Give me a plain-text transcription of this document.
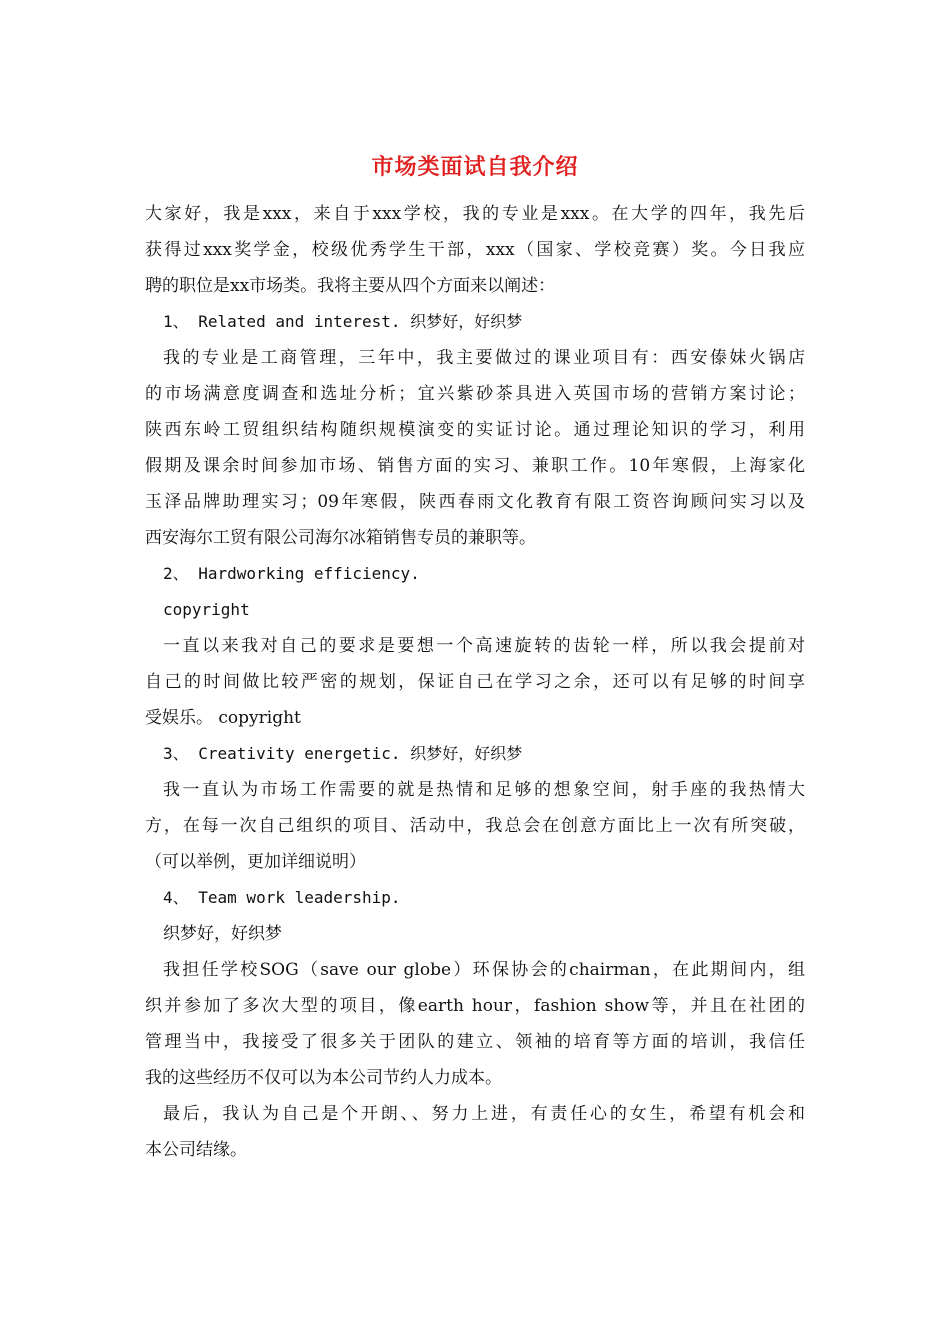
市场类面试自我介绍
大家好，我是xxx，来自于xxx学校，我的专业是xxx。在大学的四年，我先后
获得过xxx奖学金，校级优秀学生干部，xxx（国家、学校竞赛）奖。今日我应
聘的职位是xx市场类。我将主要从四个方面来以阐述：
1、 Related and interest. 织梦好，好织梦
我的专业是工商管理，三年中，我主要做过的课业项目有：西安傣妹火锅店
的市场满意度调查和选址分析；宜兴紫砂茶具进入英国市场的营销方案讨论；
陕西东岭工贸组织结构随织规模演变的实证讨论。通过理论知识的学习，利用
假期及课余时间参加市场、销售方面的实习、兼职工作。10年寒假，上海家化
玉泽品牌助理实习；09年寒假，陕西春雨文化教育有限工资咨询顾问实习以及
西安海尔工贸有限公司海尔冰箱销售专员的兼职等。
2、 Hardworking efficiency.
copyright
一直以来我对自己的要求是要想一个高速旋转的齿轮一样，所以我会提前对
自己的时间做比较严密的规划，保证自己在学习之余，还可以有足够的时间享
受娱乐。 copyright
3、 Creativity energetic. 织梦好，好织梦
我一直认为市场工作需要的就是热情和足够的想象空间，射手座的我热情大
方，在每一次自己组织的项目、活动中，我总会在创意方面比上一次有所突破，
（可以举例，更加详细说明）
4、 Team work leadership.
织梦好，好织梦
我担任学校SOG（save our globe）环保协会的chairman，在此期间内，组
织并参加了多次大型的项目，像earth hour，fashion show等，并且在社团的
管理当中，我接受了很多关于团队的建立、领袖的培育等方面的培训，我信任
我的这些经历不仅可以为本公司节约人力成本。
最后，我认为自己是个开朗、、努力上进，有责任心的女生，希望有机会和
本公司结缘。
